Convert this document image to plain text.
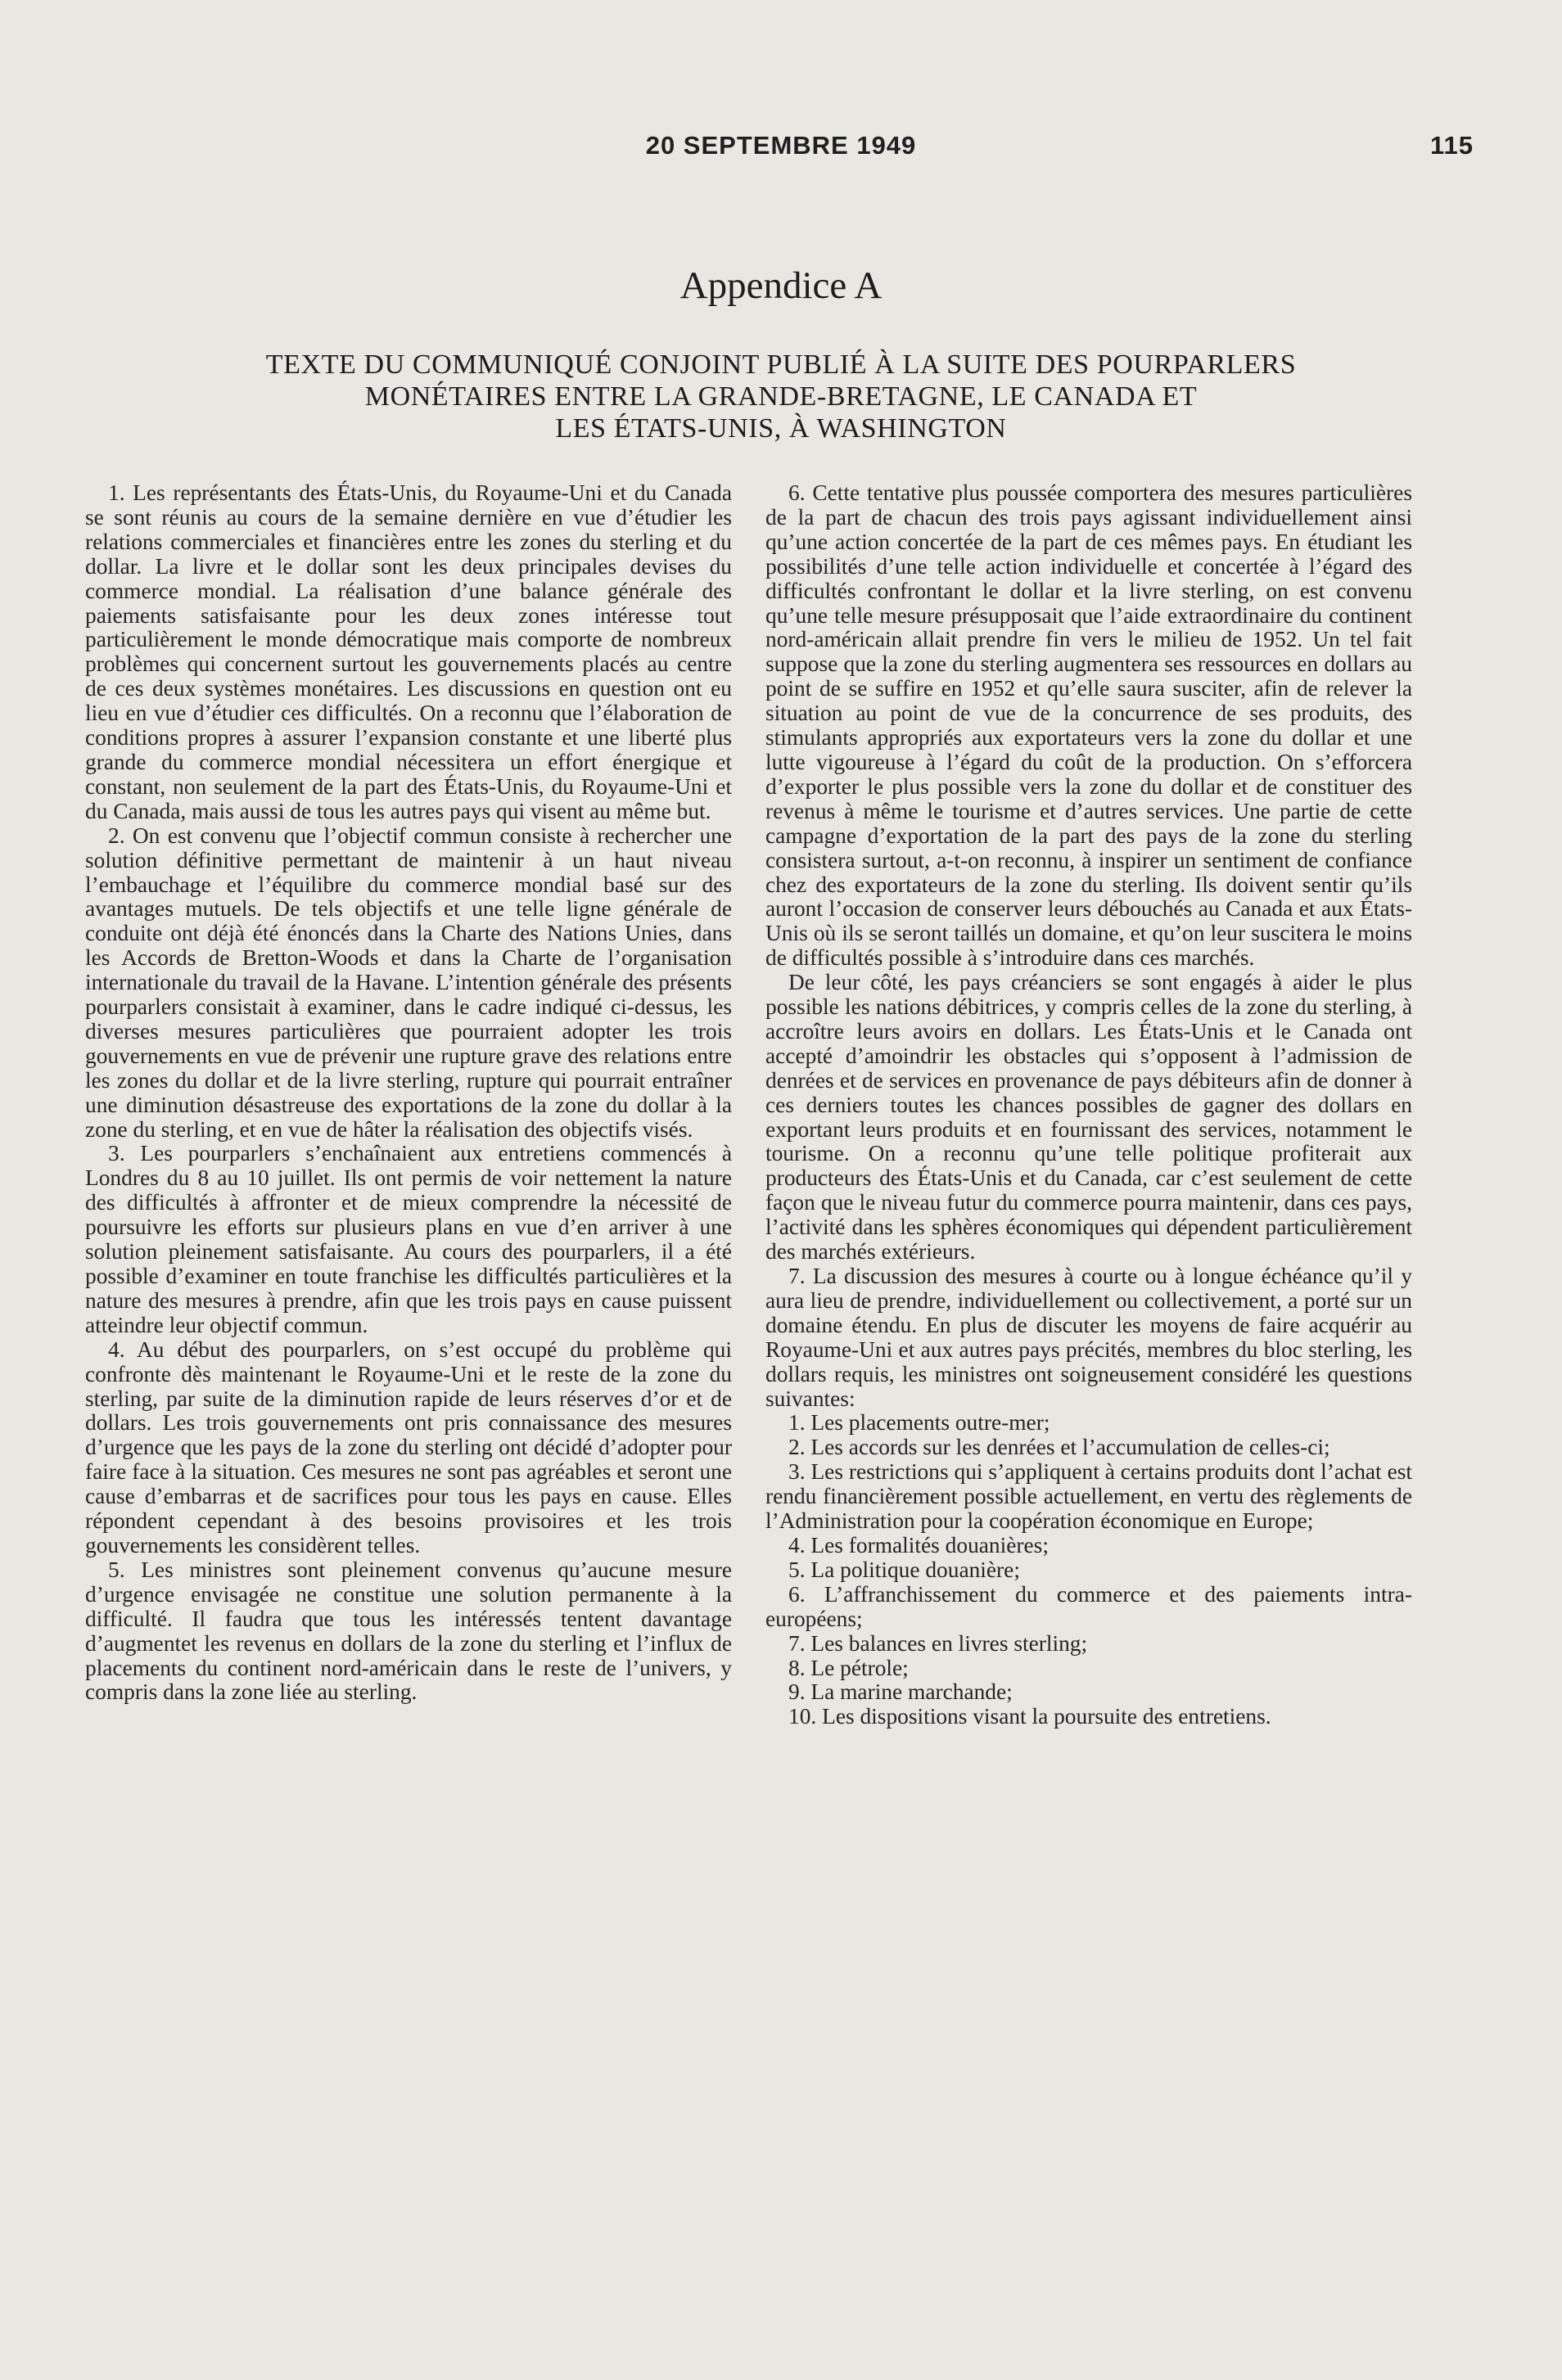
20 SEPTEMBRE 1949	115
Appendice A
TEXTE DU COMMUNIQUÉ CONJOINT PUBLIÉ À LA SUITE DES POURPARLERS
MONÉTAIRES ENTRE LA GRANDE-BRETAGNE, LE CANADA ET
LES ÉTATS-UNIS, À WASHINGTON

1. Les représentants des États-Unis, du Royaume-Uni et du Canada se sont réunis au cours de la semaine dernière en vue d’étudier les relations commerciales et financières entre les zones du sterling et du dollar. La livre et le dollar sont les deux principales devises du commerce mondial. La réalisation d’une balance générale des paiements satisfaisante pour les deux zones intéresse tout particulièrement le monde démocratique mais comporte de nombreux problèmes qui concernent surtout les gouvernements placés au centre de ces deux systèmes monétaires. Les discussions en question ont eu lieu en vue d’étudier ces difficultés. On a reconnu que l’élaboration de conditions propres à assurer l’expansion constante et une liberté plus grande du commerce mondial nécessitera un effort énergique et constant, non seulement de la part des États-Unis, du Royaume-Uni et du Canada, mais aussi de tous les autres pays qui visent au même but.

2. On est convenu que l’objectif commun consiste à rechercher une solution définitive permettant de maintenir à un haut niveau l’embauchage et l’équilibre du commerce mondial basé sur des avantages mutuels. De tels objectifs et une telle ligne générale de conduite ont déjà été énoncés dans la Charte des Nations Unies, dans les Accords de Bretton-Woods et dans la Charte de l’organisation internationale du travail de la Havane. L’intention générale des présents pourparlers consistait à examiner, dans le cadre indiqué ci-dessus, les diverses mesures particulières que pourraient adopter les trois gouvernements en vue de prévenir une rupture grave des relations entre les zones du dollar et de la livre sterling, rupture qui pourrait entraîner une diminution désastreuse des exportations de la zone du dollar à la zone du sterling, et en vue de hâter la réalisation des objectifs visés.

3. Les pourparlers s’enchaînaient aux entretiens commencés à Londres du 8 au 10 juillet. Ils ont permis de voir nettement la nature des difficultés à affronter et de mieux comprendre la nécessité de poursuivre les efforts sur plusieurs plans en vue d’en arriver à une solution pleinement satisfaisante. Au cours des pourparlers, il a été possible d’examiner en toute franchise les difficultés particulières et la nature des mesures à prendre, afin que les trois pays en cause puissent atteindre leur objectif commun.

4. Au début des pourparlers, on s’est occupé du problème qui confronte dès maintenant le Royaume-Uni et le reste de la zone du sterling, par suite de la diminution rapide de leurs réserves d’or et de dollars. Les trois gouvernements ont pris connaissance des mesures d’urgence que les pays de la zone du sterling ont décidé d’adopter pour faire face à la situation. Ces mesures ne sont pas agréables et seront une cause d’embarras et de sacrifices pour tous les pays en cause. Elles répondent cependant à des besoins provisoires et les trois gouvernements les considèrent telles.

5. Les ministres sont pleinement convenus qu’aucune mesure d’urgence envisagée ne constitue une solution permanente à la difficulté. Il faudra que tous les intéressés tentent davantage d’augmentet les revenus en dollars de la zone du sterling et l’influx de placements du continent nord-américain dans le reste de l’univers, y compris dans la zone liée au sterling.

6. Cette tentative plus poussée comportera des mesures particulières de la part de chacun des trois pays agissant individuellement ainsi qu’une action concertée de la part de ces mêmes pays. En étudiant les possibilités d’une telle action individuelle et concertée à l’égard des difficultés confrontant le dollar et la livre sterling, on est convenu qu’une telle mesure présupposait que l’aide extraordinaire du continent nord-américain allait prendre fin vers le milieu de 1952. Un tel fait suppose que la zone du sterling augmentera ses ressources en dollars au point de se suffire en 1952 et qu’elle saura susciter, afin de relever la situation au point de vue de la concurrence de ses produits, des stimulants appropriés aux exportateurs vers la zone du dollar et une lutte vigoureuse à l’égard du coût de la production. On s’efforcera d’exporter le plus possible vers la zone du dollar et de constituer des revenus à même le tourisme et d’autres services. Une partie de cette campagne d’exportation de la part des pays de la zone du sterling consistera surtout, a-t-on reconnu, à inspirer un sentiment de confiance chez des exportateurs de la zone du sterling. Ils doivent sentir qu’ils auront l’occasion de conserver leurs débouchés au Canada et aux États-Unis où ils se seront taillés un domaine, et qu’on leur suscitera le moins de difficultés possible à s’introduire dans ces marchés.

De leur côté, les pays créanciers se sont engagés à aider le plus possible les nations débitrices, y compris celles de la zone du sterling, à accroître leurs avoirs en dollars. Les États-Unis et le Canada ont accepté d’amoindrir les obstacles qui s’opposent à l’admission de denrées et de services en provenance de pays débiteurs afin de donner à ces derniers toutes les chances possibles de gagner des dollars en exportant leurs produits et en fournissant des services, notamment le tourisme. On a reconnu qu’une telle politique profiterait aux producteurs des États-Unis et du Canada, car c’est seulement de cette façon que le niveau futur du commerce pourra maintenir, dans ces pays, l’activité dans les sphères économiques qui dépendent particulièrement des marchés extérieurs.

7. La discussion des mesures à courte ou à longue échéance qu’il y aura lieu de prendre, individuellement ou collectivement, a porté sur un domaine étendu. En plus de discuter les moyens de faire acquérir au Royaume-Uni et aux autres pays précités, membres du bloc sterling, les dollars requis, les ministres ont soigneusement considéré les questions suivantes:

1. Les placements outre-mer;

2. Les accords sur les denrées et l’accumulation de celles-ci;

3. Les restrictions qui s’appliquent à certains produits dont l’achat est rendu financièrement possible actuellement, en vertu des règlements de l’Administration pour la coopération économique en Europe;

4. Les formalités douanières;

5. La politique douanière;

6. L’affranchissement du commerce et des paiements intra-européens;

7. Les balances en livres sterling;

8. Le pétrole;

9. La marine marchande;

10. Les dispositions visant la poursuite des entretiens.
